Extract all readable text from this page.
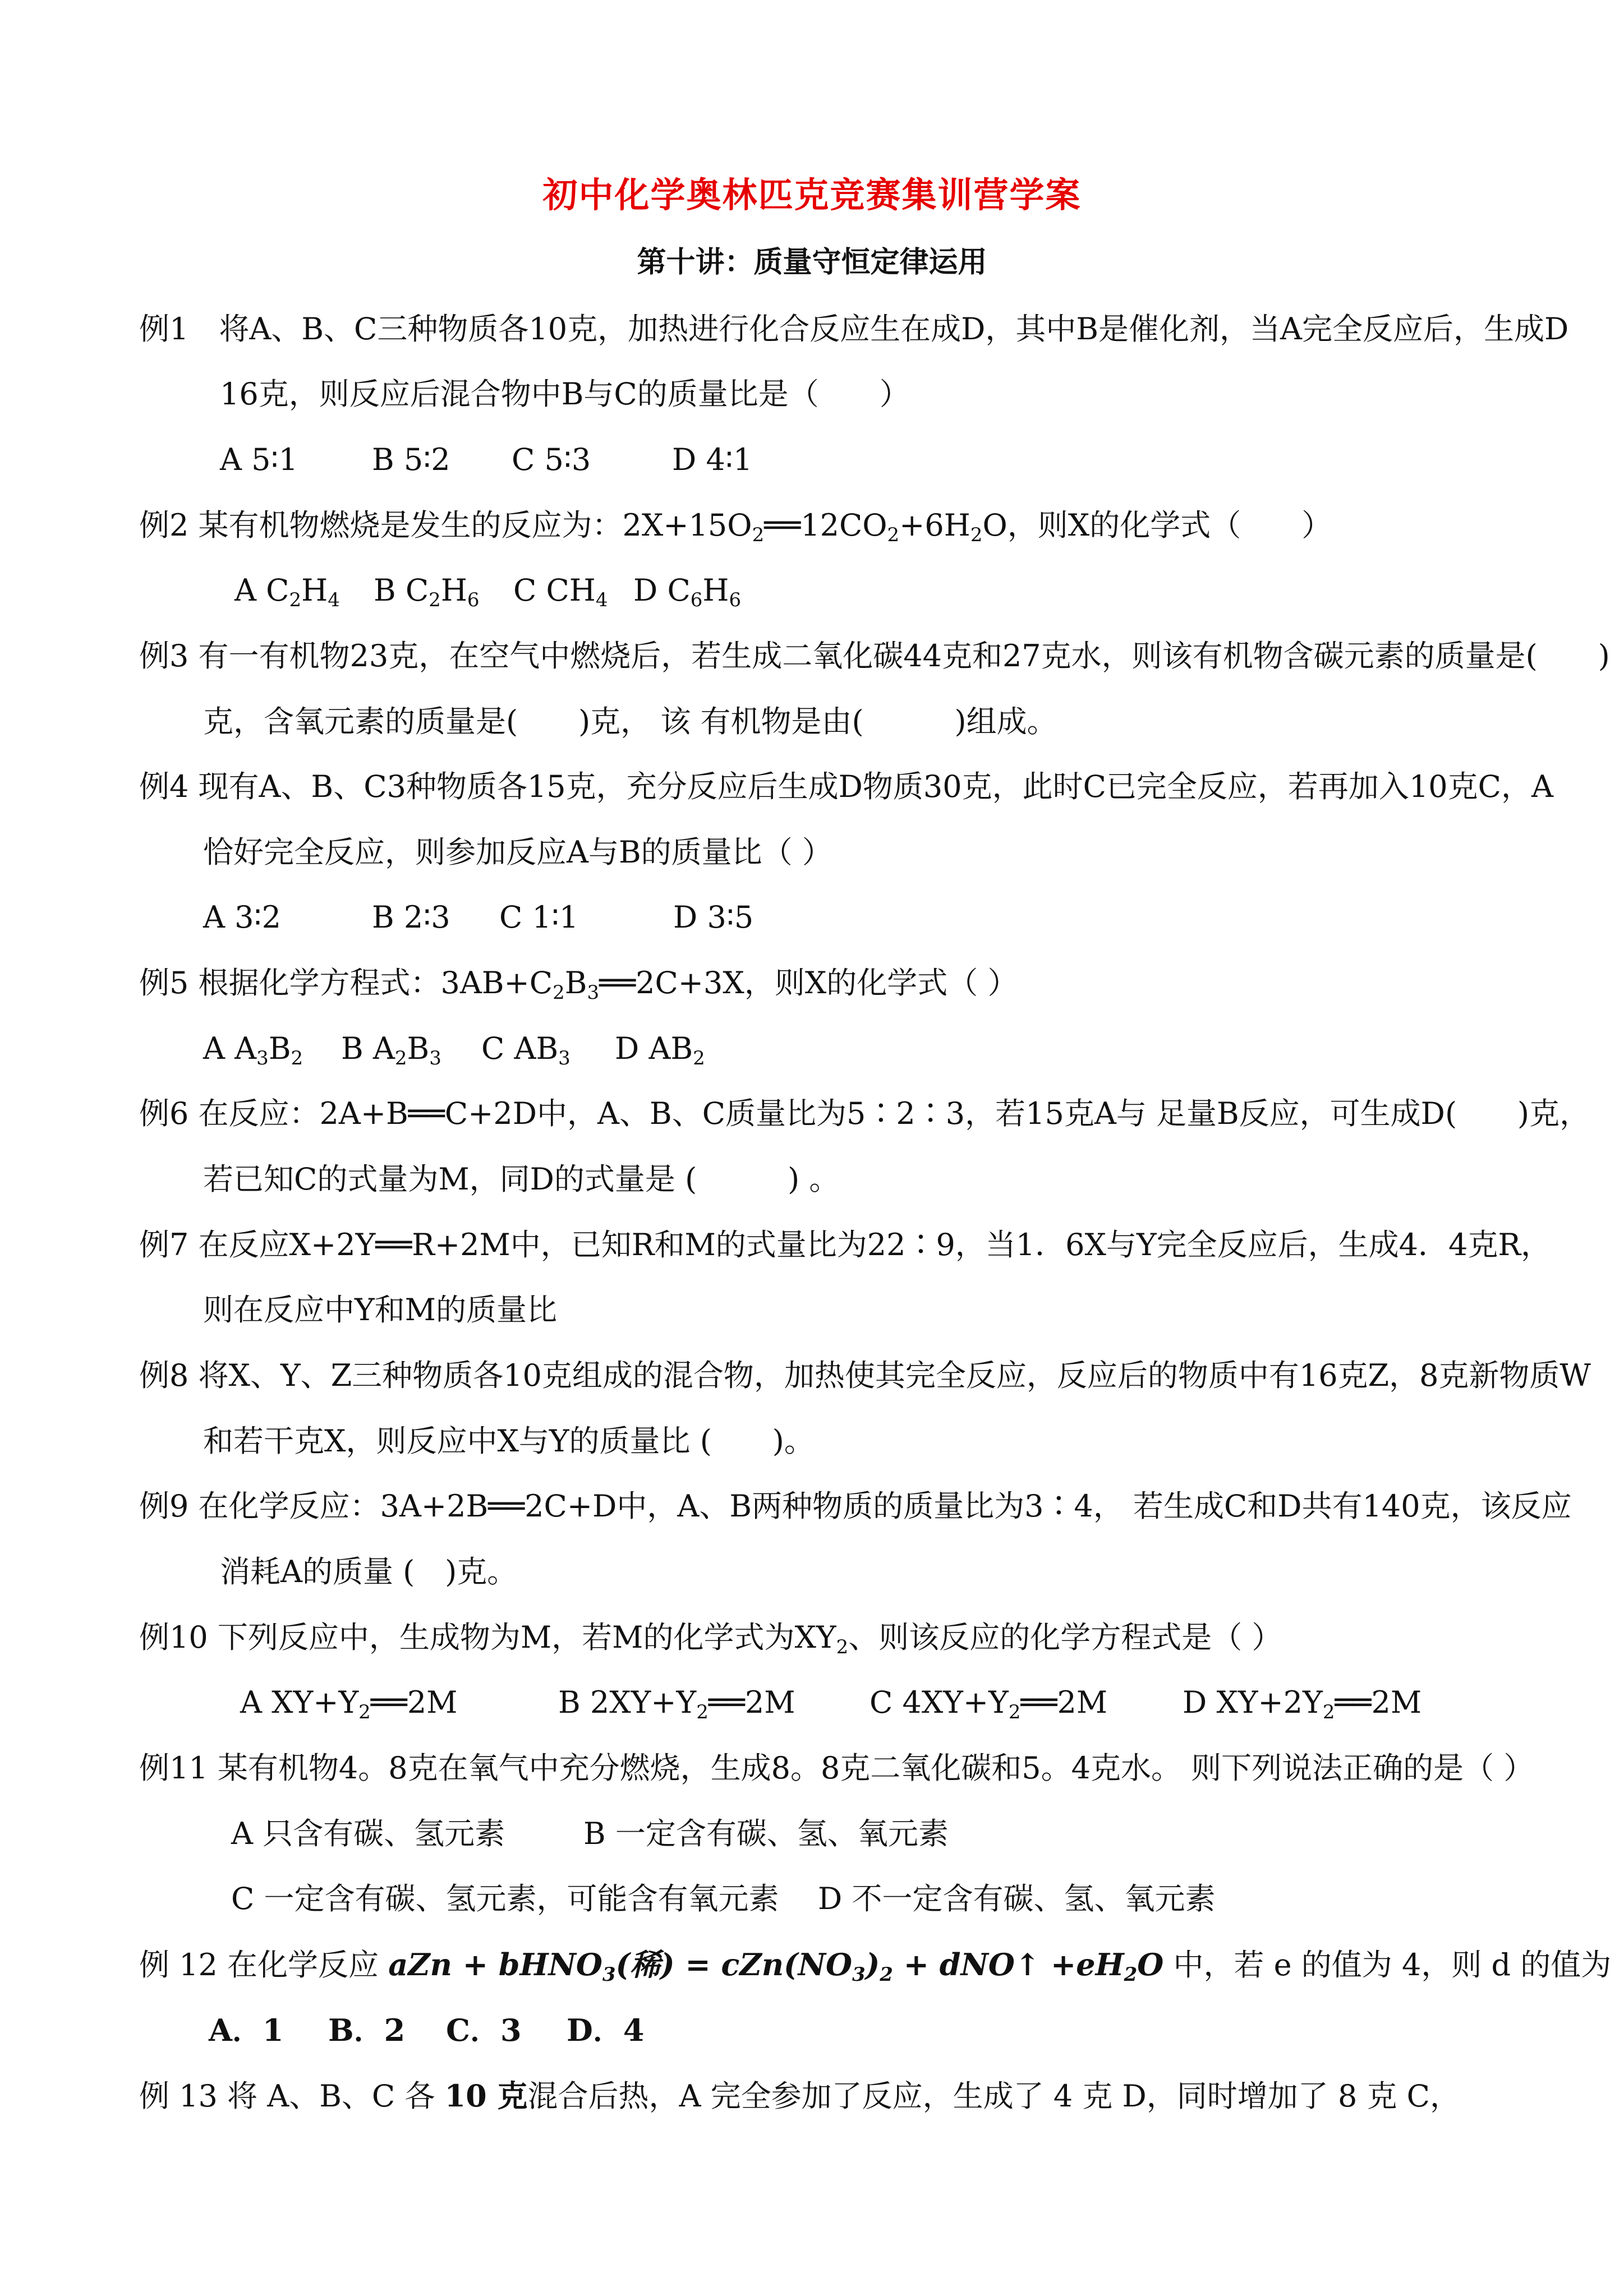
初中化学奥林匹克竞赛集训营学案
第十讲：质量守恒定律运用
例1　将A、B、C三种物质各10克，加热进行化合反应生在成D，其中B是催化剂，当A完全反应后，生成D
16克，则反应后混合物中B与C的质量比是（　　）
A 5∶1 B 5∶2 C 5∶3	D 4∶1
例2 某有机物燃烧是发生的反应为：$2X+15O_2══12CO_2+6H_2O$，则X的化学式（　　）
A $C_2H_4$ B $C_2H_6$ C $CH_4$ D $C_6H_6$
例3 有一有机物23克，在空气中燃烧后，若生成二氧化碳44克和27克水，则该有机物含碳元素的质量是(　　)
克，含氧元素的质量是(　　)克， 该 有机物是由(　　　)组成。
例4 现有A、B、C3种物质各15克，充分反应后生成D物质30克，此时C已完全反应，若再加入10克C，A
恰好完全反应，则参加反应A与B的质量比（ ）
A 3∶2	B 2∶3 C 1∶1	D 3∶5
例5 根据化学方程式：$3AB+C_2B_3══2C+3X$，则X的化学式（ ）
A $A_3B_2$ B $A_2B_3$ C $AB_3$ D $AB_2$
例6 在反应：2A+B══C+2D中，A、B、C质量比为5∶2∶3，若15克A与 足量B反应，可生成D(　　)克，
若已知C的式量为M，同D的式量是 (　　　) 。
例7 在反应X+2Y══R+2M中，已知R和M的式量比为22∶9，当1．6X与Y完全反应后，生成4．4克R，
则在反应中Y和M的质量比
例8 将X、Y、Z三种物质各10克组成的混合物，加热使其完全反应，反应后的物质中有16克Z，8克新物质W
和若干克X，则反应中X与Y的质量比 (　　)。
例9 在化学反应：3A+2B══2C+D中，A、B两种物质的质量比为3∶4， 若生成C和D共有140克，该反应
消耗A的质量 (　)克。
例10 下列反应中，生成物为M，若M的化学式为$XY_2$、则该反应的化学方程式是（ ）
A $XY+Y_2══2M$	B $2XY+Y_2══2M$ C $4XY+Y_2══2M$ D $XY+2Y_2══2M$
例11 某有机物4。8克在氧气中充分燃烧，生成8。8克二氧化碳和5。4克水。 则下列说法正确的是（ ）
A 只含有碳、氢元素	B 一定含有碳、氢、氧元素
C 一定含有碳、氢元素，可能含有氧元素 D 不一定含有碳、氢、氧元素
例 12 在化学反应 aZn + bHNO$_3$(稀) = $cZn(NO_3)_2$ + dNO↑ $+eH_2O$ 中，若 e 的值为 4，则 d 的值为
A．1 B．2 C．3 D．4
例 13 将 A、B、C 各 10 克混合后热，A 完全参加了反应，生成了 4 克 D，同时增加了 8 克 C，
